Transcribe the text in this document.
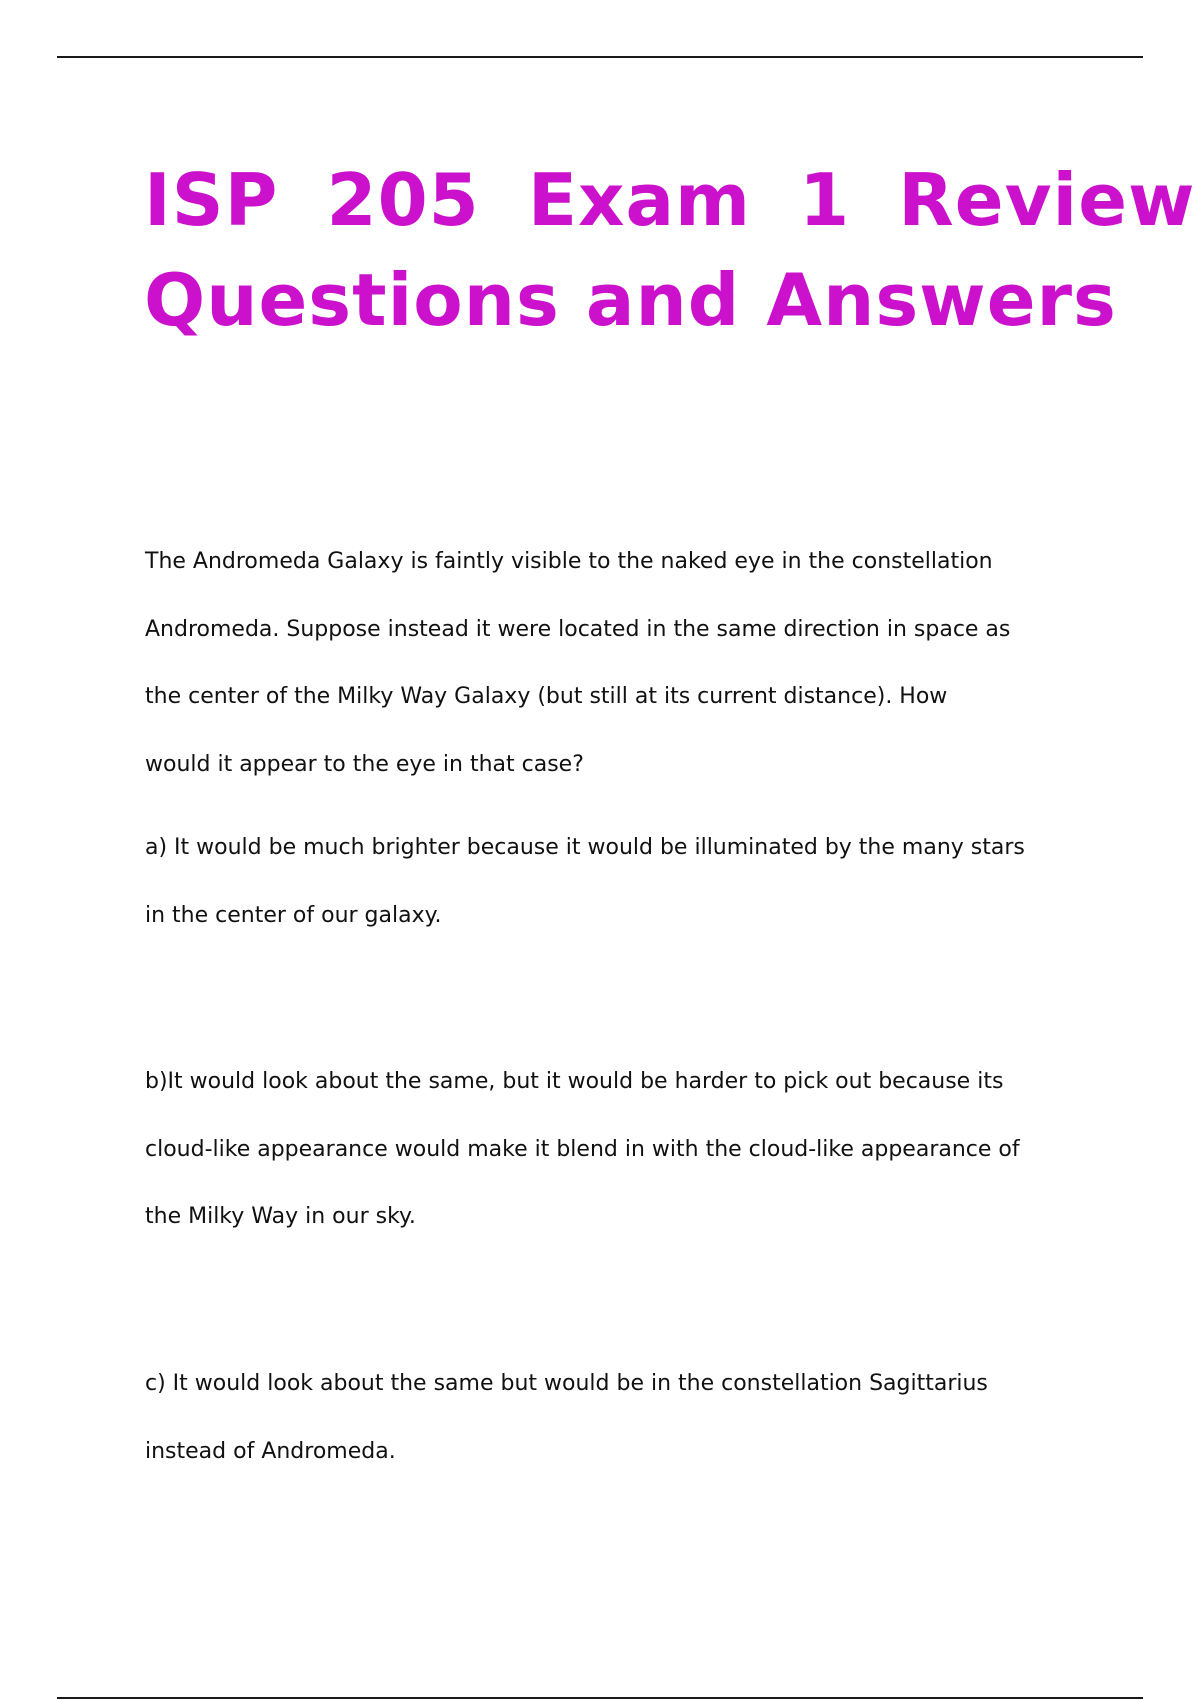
ISP 205 Exam 1 Review
Questions and Answers
The Andromeda Galaxy is faintly visible to the naked eye in the constellation
Andromeda. Suppose instead it were located in the same direction in space as
the center of the Milky Way Galaxy (but still at its current distance). How
would it appear to the eye in that case?
a) It would be much brighter because it would be illuminated by the many stars
in the center of our galaxy.
b)It would look about the same, but it would be harder to pick out because its
cloud-like appearance would make it blend in with the cloud-like appearance of
the Milky Way in our sky.
c) It would look about the same but would be in the constellation Sagittarius
instead of Andromeda.
